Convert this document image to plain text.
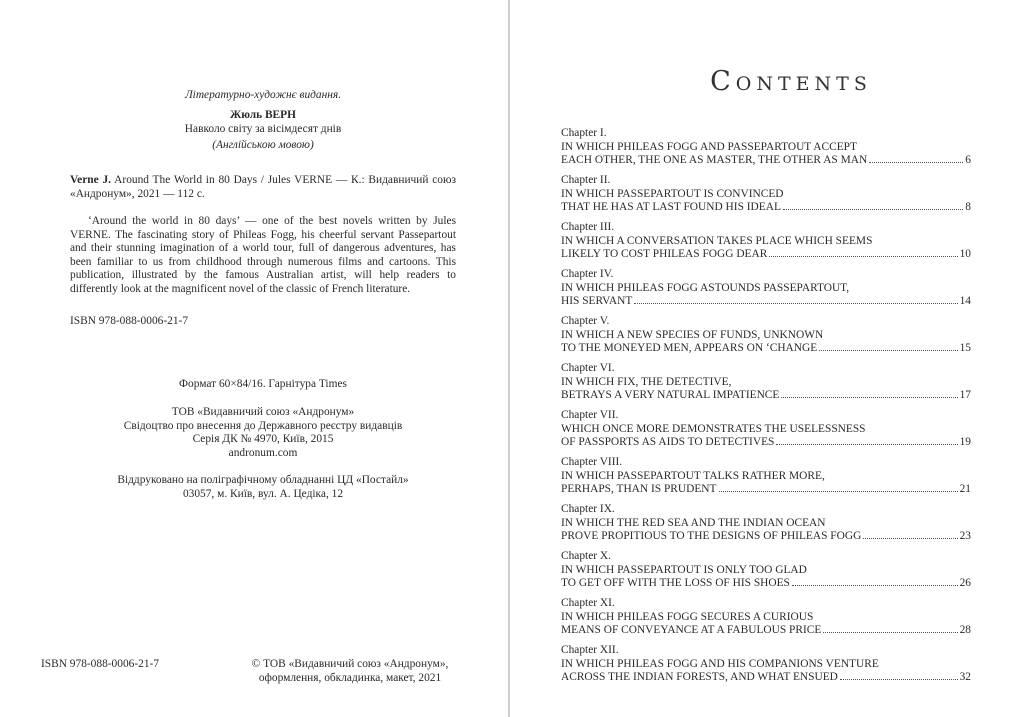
Літературно-художнє видання.
Жюль ВЕРН
Навколо світу за вісімдесят днів
(Англійською мовою)
Verne J. Around The World in 80 Days / Jules VERNE — К.: Видавничий союз «Андронум», 2021 — 112 с.
‘Around the world in 80 days’ — one of the best novels written by Jules VERNE. The fascinating story of Phileas Fogg, his cheerful servant Passepartout and their stunning imagination of a world tour, full of dangerous adventures, has been familiar to us from childhood through numerous films and cartoons. This publication, illustrated by the famous Australian artist, will help readers to differently look at the magnificent novel of the classic of French literature.
ISBN 978-088-0006-21-7
Формат 60×84/16. Гарнітура Times
ТОВ «Видавничий союз «Андронум»
Свідоцтво про внесення до Державного реєстру видавців
Серія ДК № 4970, Київ, 2015
andronum.com
Віддруковано на поліграфічному обладнанні ЦД «Постайл»
03057, м. Київ, вул. А. Цедіка, 12
ISBN 978-088-0006-21-7	© ТОВ «Видавничий союз «Андронум»,
оформлення, обкладинка, макет, 2021
Contents
Chapter I.
IN WHICH PHILEAS FOGG AND PASSEPARTOUT ACCEPT
EACH OTHER, THE ONE AS MASTER, THE OTHER AS MAN	6
Chapter II.
IN WHICH PASSEPARTOUT IS CONVINCED
THAT HE HAS AT LAST FOUND HIS IDEAL	8
Chapter III.
IN WHICH A CONVERSATION TAKES PLACE WHICH SEEMS
LIKELY TO COST PHILEAS FOGG DEAR	10
Chapter IV.
IN WHICH PHILEAS FOGG ASTOUNDS PASSEPARTOUT,
HIS SERVANT	14
Chapter V.
IN WHICH A NEW SPECIES OF FUNDS, UNKNOWN
TO THE MONEYED MEN, APPEARS ON ‘CHANGE	15
Chapter VI.
IN WHICH FIX, THE DETECTIVE,
BETRAYS A VERY NATURAL IMPATIENCE	17
Chapter VII.
WHICH ONCE MORE DEMONSTRATES THE USELESSNESS
OF PASSPORTS AS AIDS TO DETECTIVES	19
Chapter VIII.
IN WHICH PASSEPARTOUT TALKS RATHER MORE,
PERHAPS, THAN IS PRUDENT	21
Chapter IX.
IN WHICH THE RED SEA AND THE INDIAN OCEAN
PROVE PROPITIOUS TO THE DESIGNS OF PHILEAS FOGG	23
Chapter X.
IN WHICH PASSEPARTOUT IS ONLY TOO GLAD
TO GET OFF WITH THE LOSS OF HIS SHOES	26
Chapter XI.
IN WHICH PHILEAS FOGG SECURES A CURIOUS
MEANS OF CONVEYANCE AT A FABULOUS PRICE	28
Chapter XII.
IN WHICH PHILEAS FOGG AND HIS COMPANIONS VENTURE
ACROSS THE INDIAN FORESTS, AND WHAT ENSUED	32
